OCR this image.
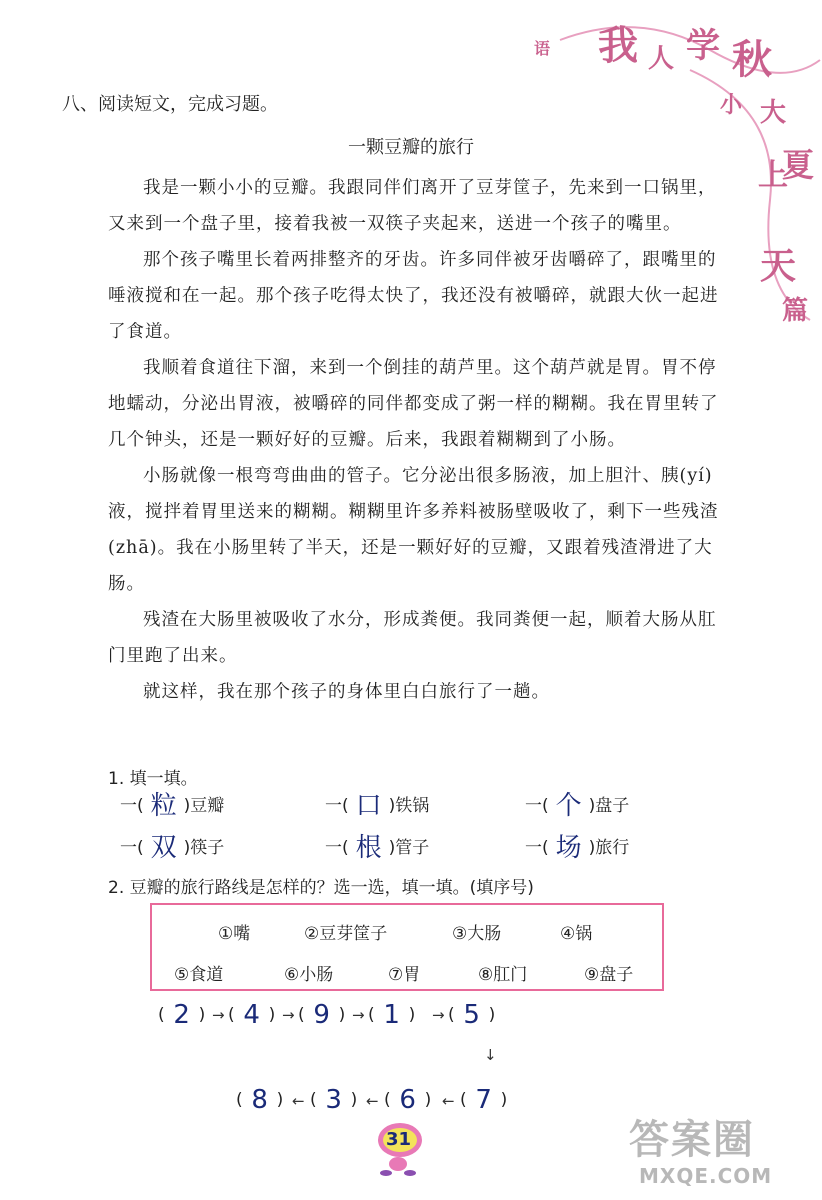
语 我 人 学 秋
小 大
上
夏
天
篇
八、阅读短文，完成习题。
一颗豆瓣的旅行

我是一颗小小的豆瓣。我跟同伴们离开了豆芽筐子，先来到一口锅里，又来到一个盘子里，接着我被一双筷子夹起来，送进一个孩子的嘴里。

那个孩子嘴里长着两排整齐的牙齿。许多同伴被牙齿嚼碎了，跟嘴里的唾液搅和在一起。那个孩子吃得太快了，我还没有被嚼碎，就跟大伙一起进了食道。

我顺着食道往下溜，来到一个倒挂的葫芦里。这个葫芦就是胃。胃不停地蠕动，分泌出胃液，被嚼碎的同伴都变成了粥一样的糊糊。我在胃里转了几个钟头，还是一颗好好的豆瓣。后来，我跟着糊糊到了小肠。

小肠就像一根弯弯曲曲的管子。它分泌出很多肠液，加上胆汁、胰(yí)液，搅拌着胃里送来的糊糊。糊糊里许多养料被肠壁吸收了，剩下一些残渣(zhā)。我在小肠里转了半天，还是一颗好好的豆瓣，又跟着残渣滑进了大肠。

残渣在大肠里被吸收了水分，形成粪便。我同粪便一起，顺着大肠从肛门里跑了出来。

就这样，我在那个孩子的身体里白白旅行了一趟。

1. 填一填。
一( 粒 )豆瓣	一( 口 )铁锅	一( 个 )盘子
一( 双 )筷子	一( 根 )管子	一( 场 )旅行
2. 豆瓣的旅行路线是怎样的？选一选，填一填。(填序号)
①嘴	②豆芽筐子	③大肠	④锅
⑤食道	⑥小肠	⑦胃	⑧肛门	⑨盘子
( 2 ) → ( 4 ) → ( 9 ) → ( 1 ) → ( 5 )
↓
( 8 ) ← ( 3 ) ← ( 6 ) ← ( 7 )
31	答案圈
MXQE.COM
